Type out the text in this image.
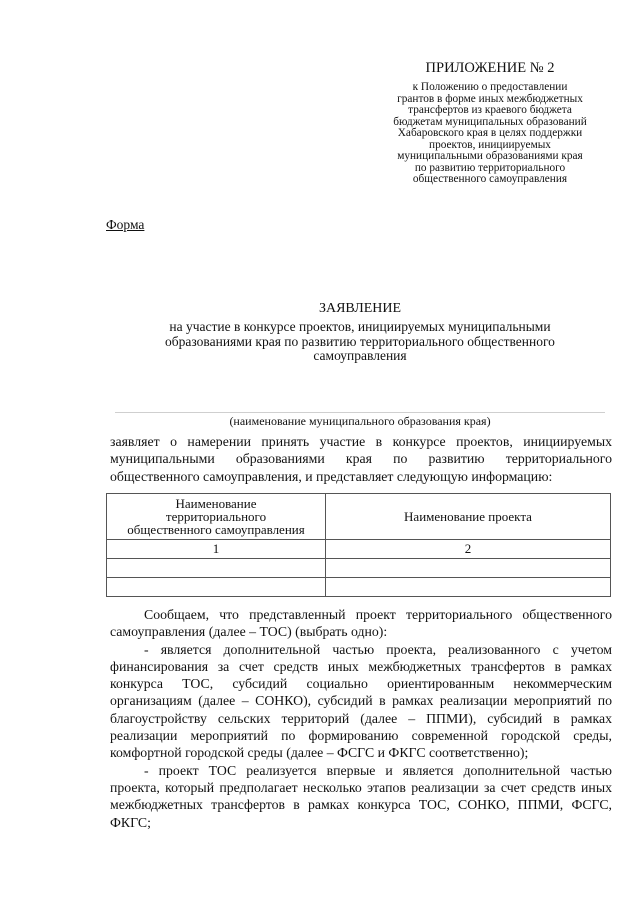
ПРИЛОЖЕНИЕ № 2
к Положению о предоставлении
грантов в форме иных межбюджетных
трансфертов из краевого бюджета
бюджетам муниципальных образований
Хабаровского края в целях поддержки
проектов, инициируемых
муниципальными образованиями края
по развитию территориального
общественного самоуправления
Форма
ЗАЯВЛЕНИЕ
на участие в конкурсе проектов, инициируемых муниципальными
образованиями края по развитию территориального общественного
самоуправления
(наименование муниципального образования края)
заявляет о намерении принять участие в конкурсе проектов, инициируемых муниципальными образованиями края по развитию территориального общественного самоуправления, и представляет следующую информацию:
Наименование
территориального
общественного самоуправления	Наименование проекта
1	2

Сообщаем, что представленный проект территориального общественного самоуправления (далее – ТОС) (выбрать одно):

- является дополнительной частью проекта, реализованного с учетом финансирования за счет средств иных межбюджетных трансфертов в рамках конкурса ТОС, субсидий социально ориентированным некоммерческим организациям (далее – СОНКО), субсидий в рамках реализации мероприятий по благоустройству сельских территорий (далее – ППМИ), субсидий в рамках реализации мероприятий по формированию современной городской среды, комфортной городской среды (далее – ФСГС и ФКГС соответственно);

- проект ТОС реализуется впервые и является дополнительной частью проекта, который предполагает несколько этапов реализации за счет средств иных межбюджетных трансфертов в рамках конкурса ТОС, СОНКО, ППМИ, ФСГС, ФКГС;
